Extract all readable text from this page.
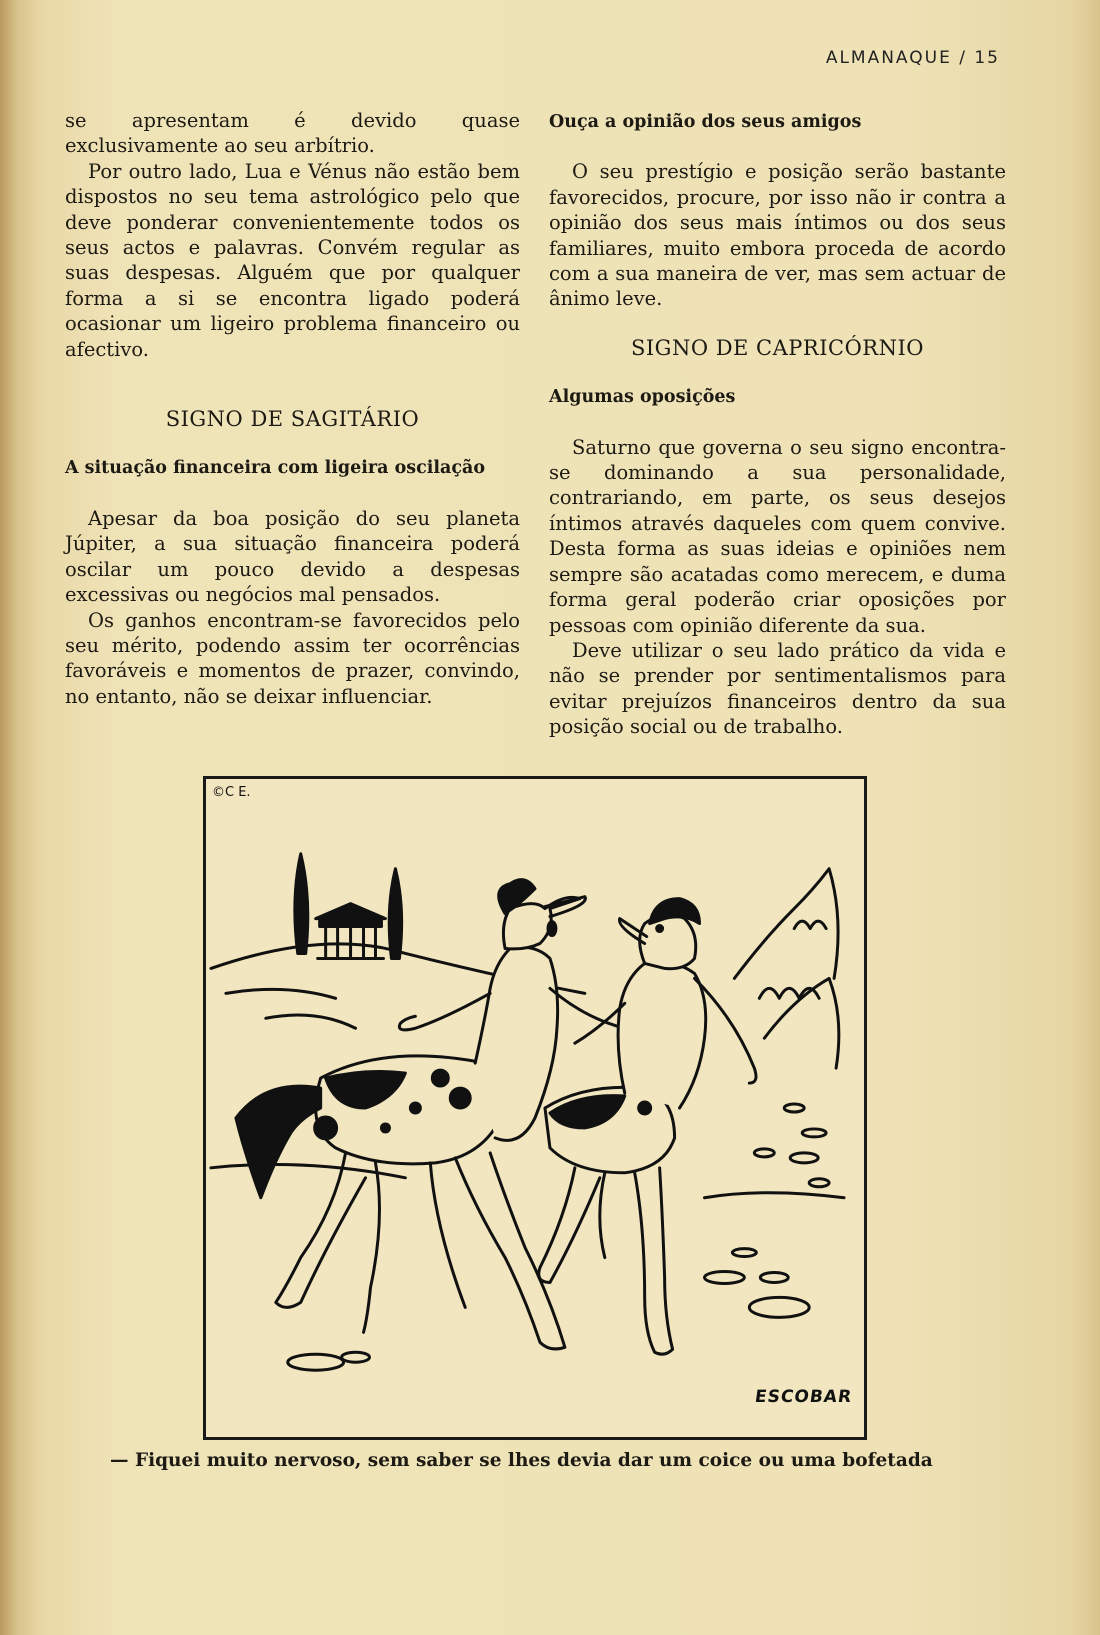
ALMANAQUE / 15

se apresentam é devido quase exclusivamente ao seu arbítrio.

Por outro lado, Lua e Vénus não estão bem dispostos no seu tema astrológico pelo que deve ponderar convenientemente todos os seus actos e palavras. Convém regular as suas despesas. Alguém que por qualquer forma a si se encontra ligado poderá ocasionar um ligeiro problema financeiro ou afectivo.

SIGNO DE SAGITÁRIO

A situação financeira com ligeira oscilação

Apesar da boa posição do seu planeta Júpiter, a sua situação financeira poderá oscilar um pouco devido a despesas excessivas ou negócios mal pensados.

Os ganhos encontram-se favorecidos pelo seu mérito, podendo assim ter ocorrências favoráveis e momentos de prazer, convindo, no entanto, não se deixar influenciar.

Ouça a opinião dos seus amigos

O seu prestígio e posição serão bastante favorecidos, procure, por isso não ir contra a opinião dos seus mais íntimos ou dos seus familiares, muito embora proceda de acordo com a sua maneira de ver, mas sem actuar de ânimo leve.

SIGNO DE CAPRICÓRNIO

Algumas oposições

Saturno que governa o seu signo encontra-se dominando a sua personalidade, contrariando, em parte, os seus desejos íntimos através daqueles com quem convive. Desta forma as suas ideias e opiniões nem sempre são acatadas como merecem, e duma forma geral poderão criar oposições por pessoas com opinião diferente da sua.

Deve utilizar o seu lado prático da vida e não se prender por sentimentalismos para evitar prejuízos financeiros dentro da sua posição social ou de trabalho.

©C E.
ESCOBAR
— Fiquei muito nervoso, sem saber se lhes devia dar um coice ou uma bofetada
